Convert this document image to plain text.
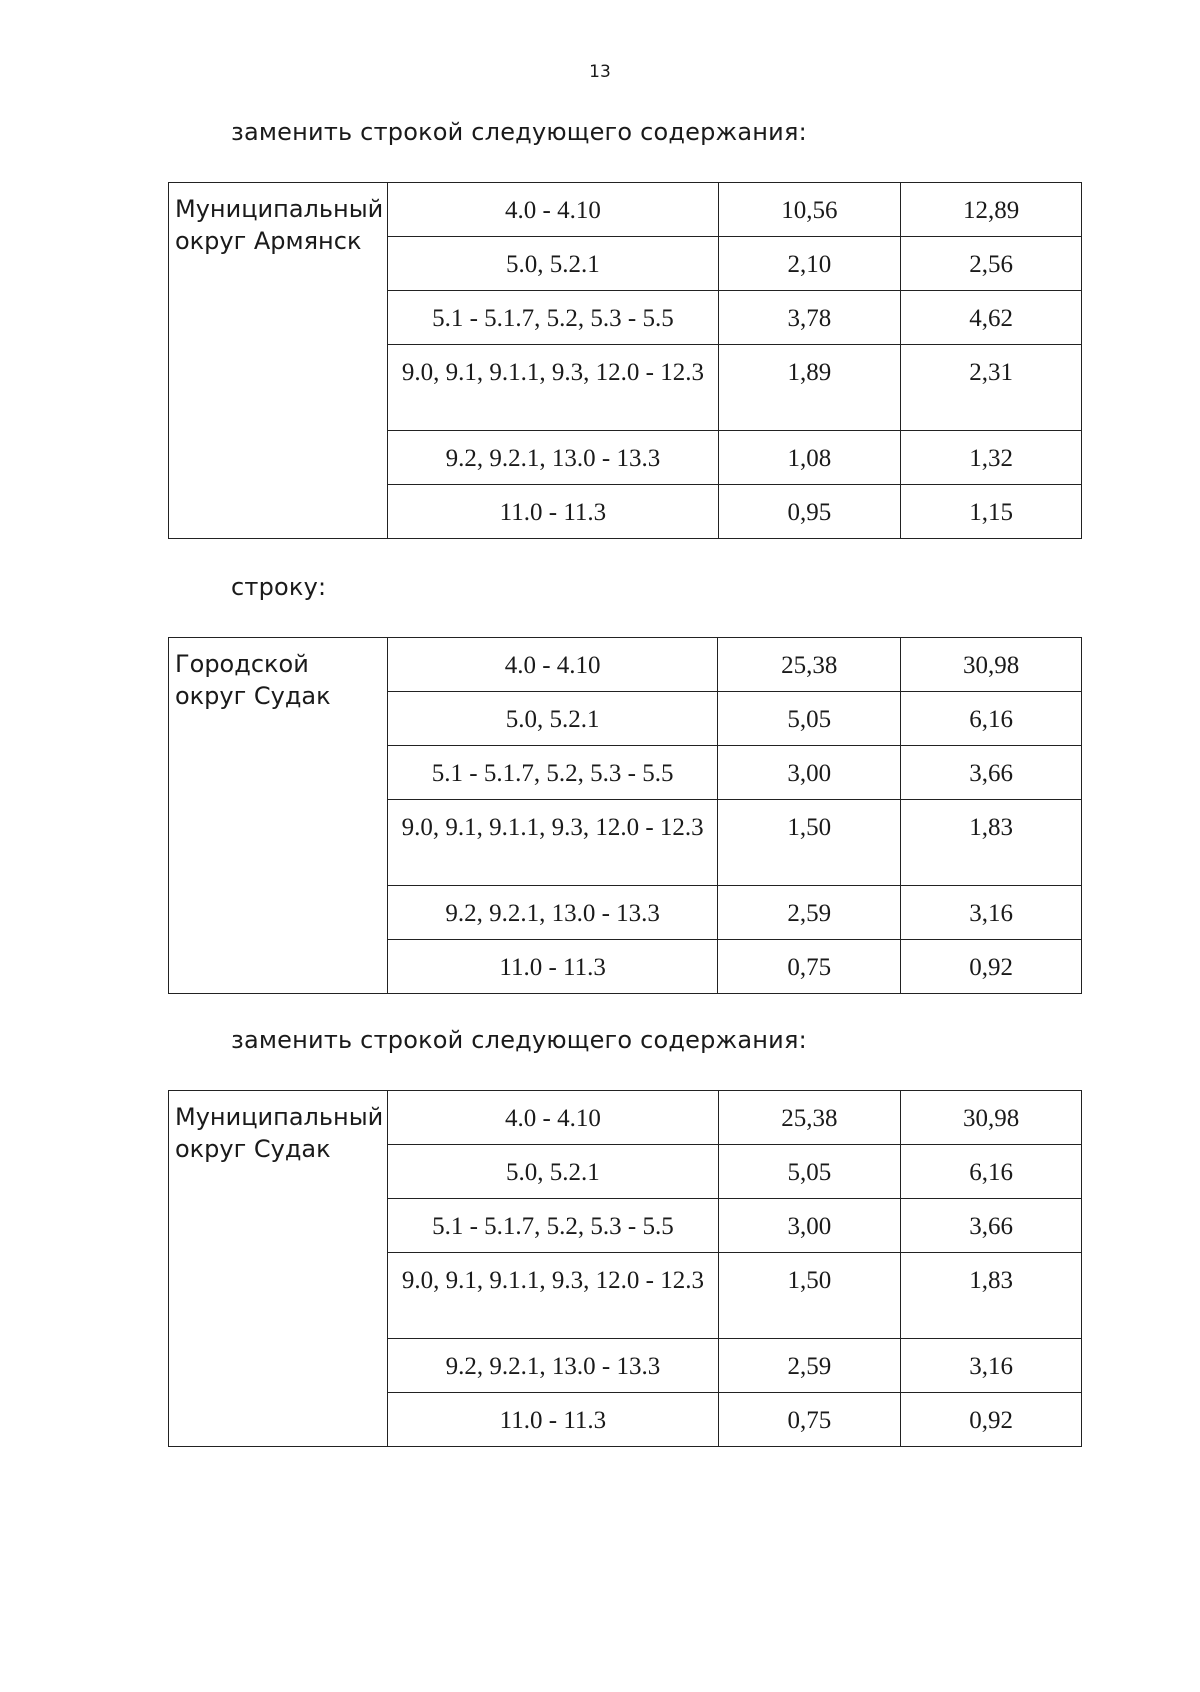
13
заменить строкой следующего содержания:
Муниципальный округ Армянск	4.0 - 4.10	10,56	12,89
	5.0, 5.2.1	2,10	2,56
	5.1 - 5.1.7, 5.2, 5.3 - 5.5	3,78	4,62
	9.0, 9.1, 9.1.1, 9.3, 12.0 - 12.3	1,89	2,31
	9.2, 9.2.1, 13.0 - 13.3	1,08	1,32
	11.0 - 11.3	0,95	1,15
строку:
Городской округ Судак	4.0 - 4.10	25,38	30,98
	5.0, 5.2.1	5,05	6,16
	5.1 - 5.1.7, 5.2, 5.3 - 5.5	3,00	3,66
	9.0, 9.1, 9.1.1, 9.3, 12.0 - 12.3	1,50	1,83
	9.2, 9.2.1, 13.0 - 13.3	2,59	3,16
	11.0 - 11.3	0,75	0,92
заменить строкой следующего содержания:
Муниципальный округ Судак	4.0 - 4.10	25,38	30,98
	5.0, 5.2.1	5,05	6,16
	5.1 - 5.1.7, 5.2, 5.3 - 5.5	3,00	3,66
	9.0, 9.1, 9.1.1, 9.3, 12.0 - 12.3	1,50	1,83
	9.2, 9.2.1, 13.0 - 13.3	2,59	3,16
	11.0 - 11.3	0,75	0,92
